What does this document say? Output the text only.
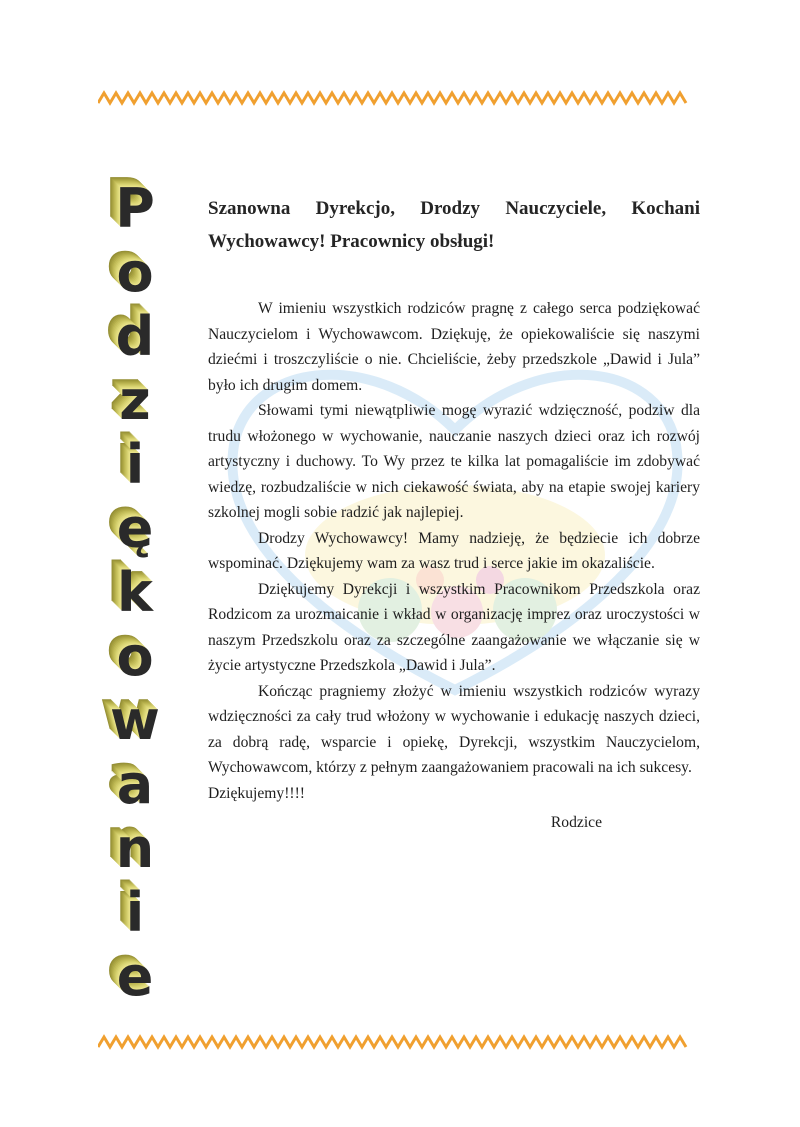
P
o
d
z
i
ę
k
o
w
a
n
i
e

Szanowna Dyrekcjo, Drodzy Nauczyciele, Kochani Wychowawcy! Pracownicy obsługi!

W imieniu wszystkich rodziców pragnę z całego serca podziękować Nauczycielom i Wychowawcom. Dziękuję, że opiekowaliście się naszymi dziećmi i troszczyliście o nie. Chcieliście, żeby przedszkole „Dawid i Jula” było ich drugim domem.

Słowami tymi niewątpliwie mogę wyrazić wdzięczność, podziw dla trudu włożonego w wychowanie, nauczanie naszych dzieci oraz ich rozwój artystyczny i duchowy. To Wy przez te kilka lat pomagaliście im zdobywać wiedzę, rozbudzaliście w nich ciekawość świata, aby na etapie swojej kariery szkolnej mogli sobie radzić jak najlepiej.

Drodzy Wychowawcy! Mamy nadzieję, że będziecie ich dobrze wspominać. Dziękujemy wam za wasz trud i serce jakie im okazaliście.

Dziękujemy Dyrekcji i wszystkim Pracownikom Przedszkola oraz Rodzicom za urozmaicanie i wkład w organizację imprez oraz uroczystości w naszym Przedszkolu oraz za szczególne zaangażowanie we włączanie się w życie artystyczne Przedszkola „Dawid i Jula”.

Kończąc pragniemy złożyć w imieniu wszystkich rodziców wyrazy wdzięczności za cały trud włożony w wychowanie i edukację naszych dzieci, za dobrą radę, wsparcie i opiekę, Dyrekcji, wszystkim Nauczycielom, Wychowawcom, którzy z pełnym zaangażowaniem pracowali na ich sukcesy.

Dziękujemy!!!!

Rodzice
